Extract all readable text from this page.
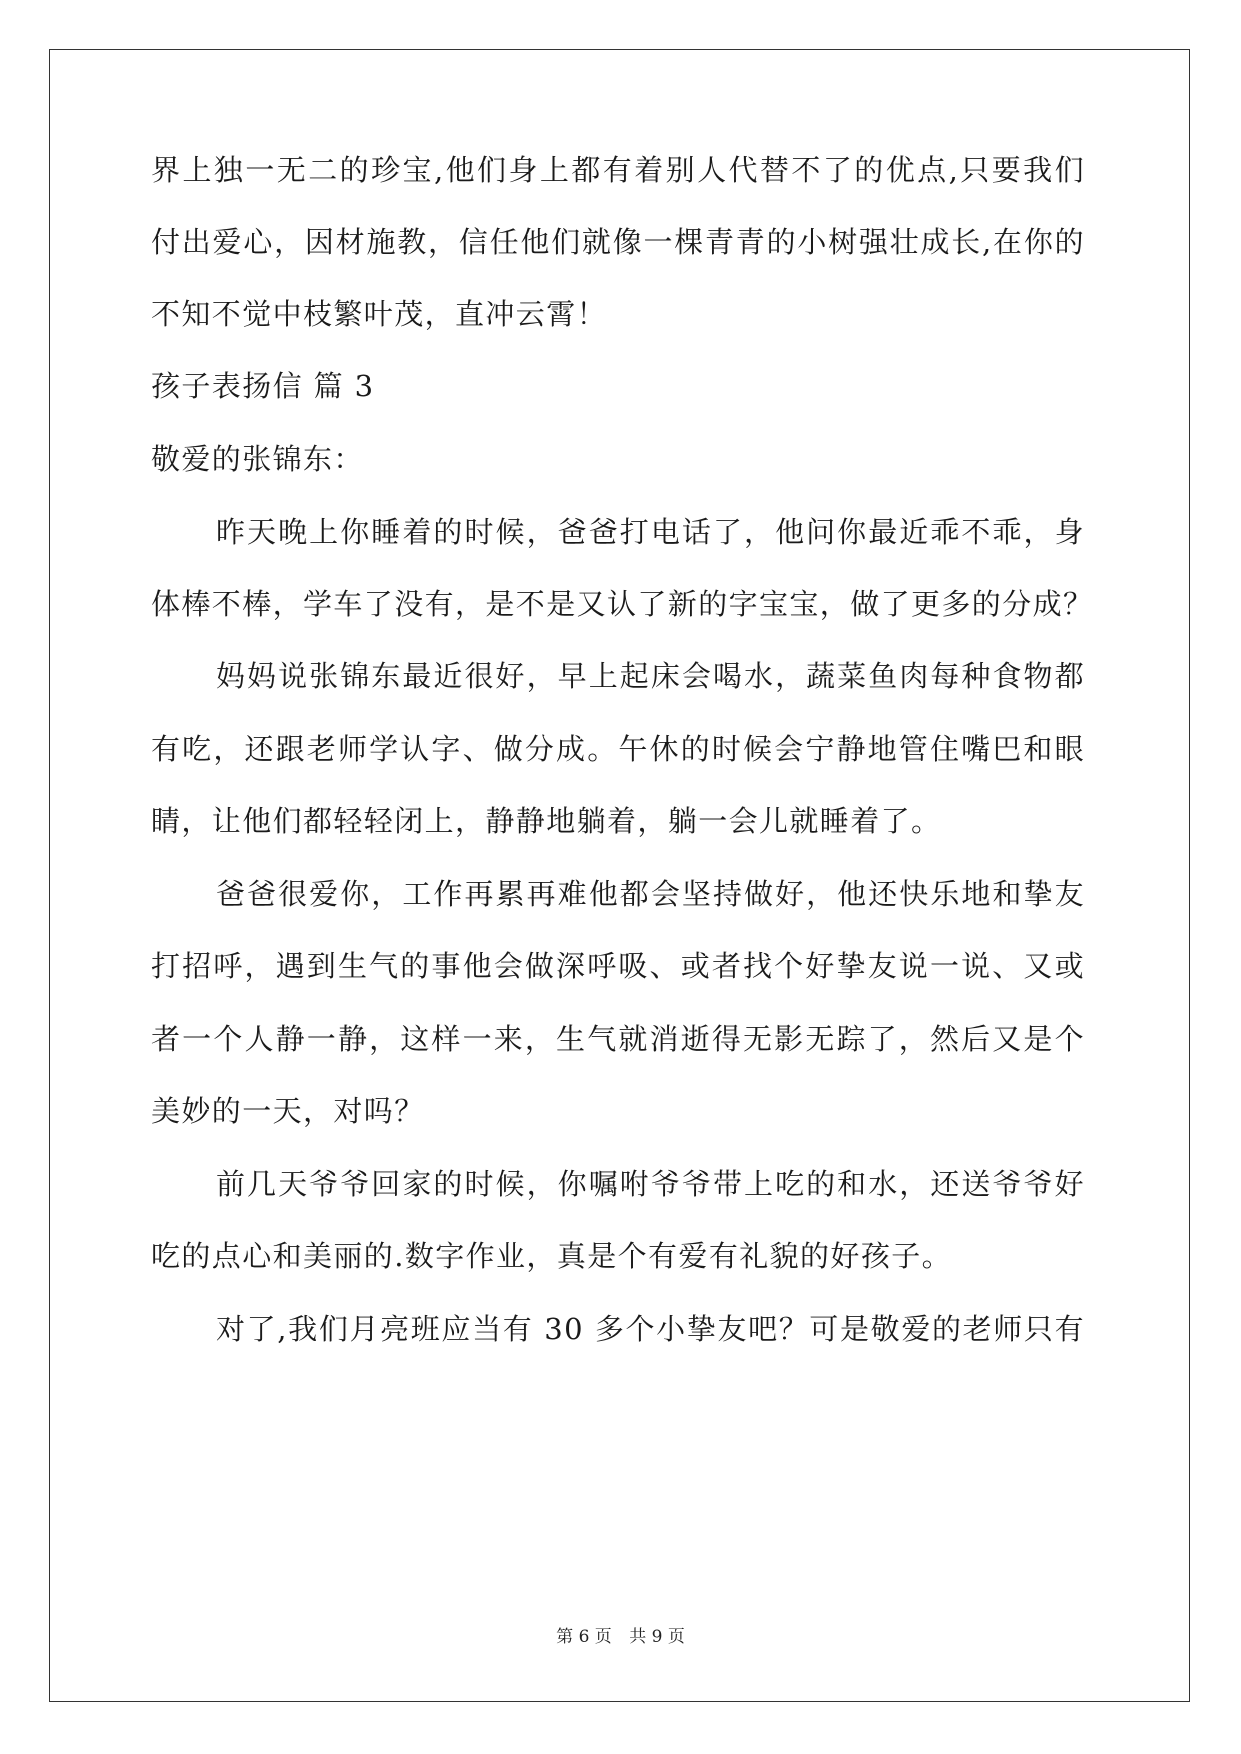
界上独一无二的珍宝,他们身上都有着别人代替不了的优点,只要我们
付出爱心，因材施教，信任他们就像一棵青青的小树强壮成长,在你的
不知不觉中枝繁叶茂，直冲云霄！
孩子表扬信 篇 3
敬爱的张锦东：
昨天晚上你睡着的时候，爸爸打电话了，他问你最近乖不乖，身
体棒不棒，学车了没有，是不是又认了新的字宝宝，做了更多的分成？
妈妈说张锦东最近很好，早上起床会喝水，蔬菜鱼肉每种食物都
有吃，还跟老师学认字、做分成。午休的时候会宁静地管住嘴巴和眼
睛，让他们都轻轻闭上，静静地躺着，躺一会儿就睡着了。
爸爸很爱你，工作再累再难他都会坚持做好，他还快乐地和挚友
打招呼，遇到生气的事他会做深呼吸、或者找个好挚友说一说、又或
者一个人静一静，这样一来，生气就消逝得无影无踪了，然后又是个
美妙的一天，对吗？
前几天爷爷回家的时候，你嘱咐爷爷带上吃的和水，还送爷爷好
吃的点心和美丽的.数字作业，真是个有爱有礼貌的好孩子。
对了,我们月亮班应当有 30 多个小挚友吧？可是敬爱的老师只有
第 6 页 共 9 页
